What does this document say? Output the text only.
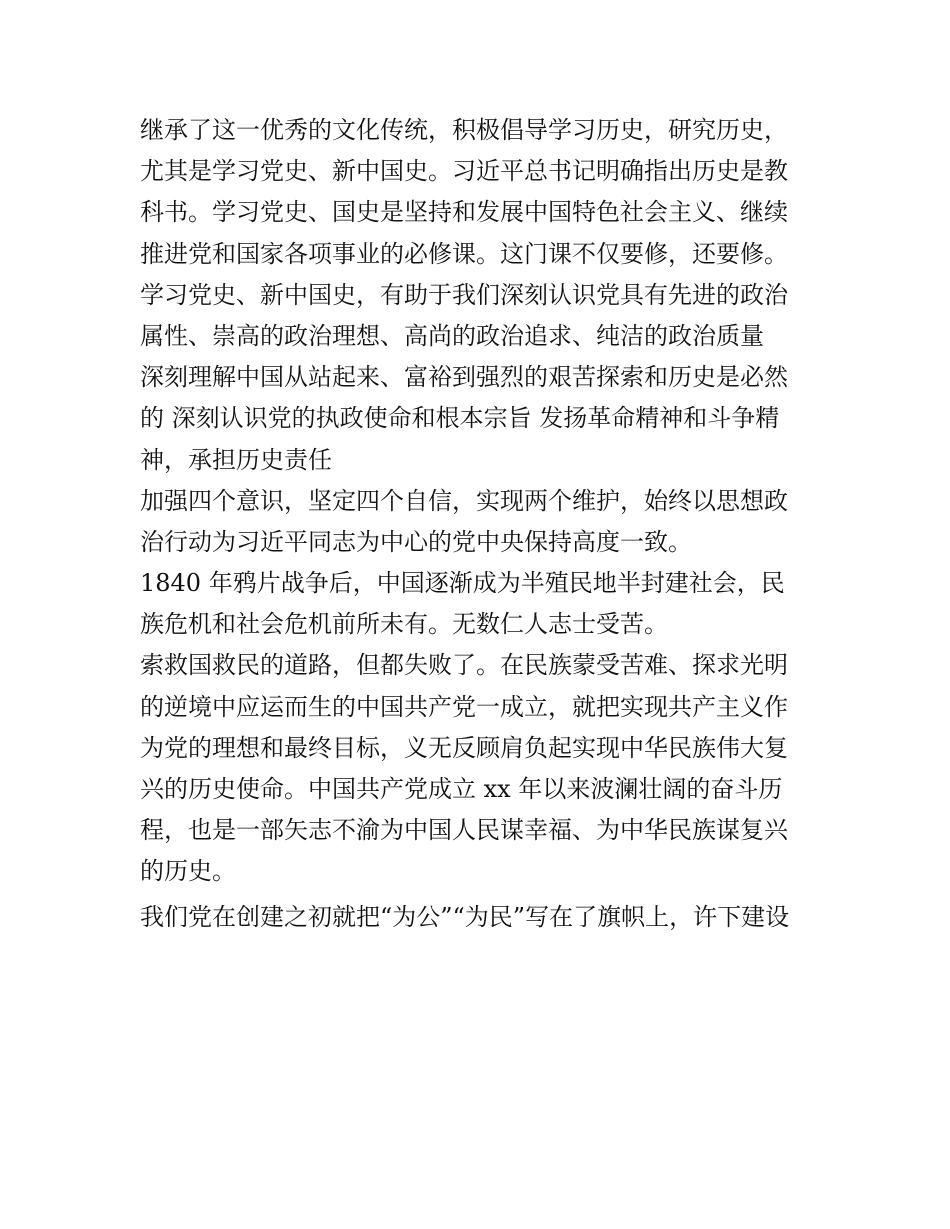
继承了这一优秀的文化传统，积极倡导学习历史，研究历史，
尤其是学习党史、新中国史。习近平总书记明确指出历史是教
科书。学习党史、国史是坚持和发展中国特色社会主义、继续
推进党和国家各项事业的必修课。这门课不仅要修，还要修。
学习党史、新中国史，有助于我们深刻认识党具有先进的政治
属性、崇高的政治理想、高尚的政治追求、纯洁的政治质量
深刻理解中国从站起来、富裕到强烈的艰苦探索和历史是必然
的 深刻认识党的执政使命和根本宗旨 发扬革命精神和斗争精
神，承担历史责任
加强四个意识，坚定四个自信，实现两个维护，始终以思想政
治行动为习近平同志为中心的党中央保持高度一致。
1840 年鸦片战争后，中国逐渐成为半殖民地半封建社会，民
族危机和社会危机前所未有。无数仁人志士受苦。
索救国救民的道路，但都失败了。在民族蒙受苦难、探求光明
的逆境中应运而生的中国共产党一成立，就把实现共产主义作
为党的理想和最终目标，义无反顾肩负起实现中华民族伟大复
兴的历史使命。中国共产党成立 xx 年以来波澜壮阔的奋斗历
程，也是一部矢志不渝为中国人民谋幸福、为中华民族谋复兴
的历史。
我们党在创建之初就把“为公”“为民”写在了旗帜上，许下建设
